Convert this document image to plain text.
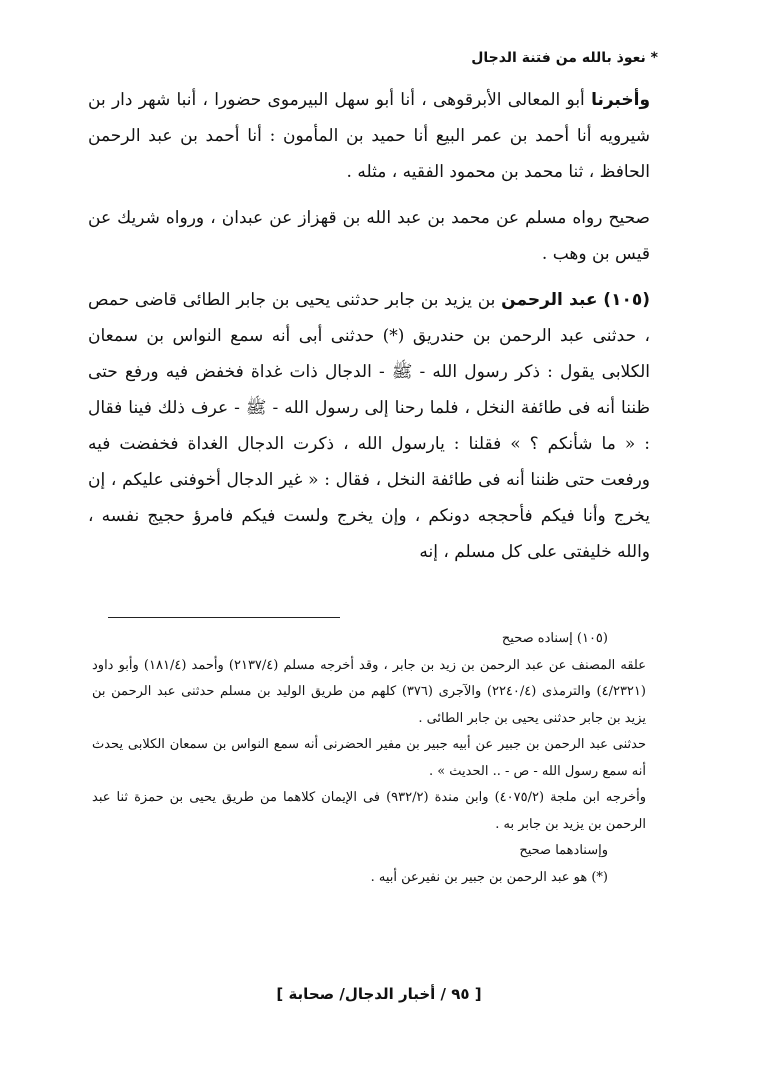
* نعوذ بالله من فتنة الدجال

وأخبرنا أبو المعالى الأبرقوهى ، أنا أبو سهل البيرموى حضورا ، أنبا شهر دار بن شيرويه أنا أحمد بن عمر البيع أنا حميد بن المأمون : أنا أحمد بن عبد الرحمن الحافظ ، ثنا محمد بن محمود الفقيه ، مثله .

صحيح رواه مسلم عن محمد بن عبد الله بن قهزاز عن عبدان ، ورواه شريك عن قيس بن وهب .

(١٠٥) عبد الرحمن بن يزيد بن جابر حدثنى يحيى بن جابر الطائى قاضى حمص ، حدثنى عبد الرحمن بن حندريق (*) حدثنى أبى أنه سمع النواس بن سمعان الكلابى يقول : ذكر رسول الله - ﷺ - الدجال ذات غداة فخفض فيه ورفع حتى ظننا أنه فى طائفة النخل ، فلما رحنا إلى رسول الله - ﷺ - عرف ذلك فينا فقال : « ما شأنكم ؟ » فقلنا : يارسول الله ، ذكرت الدجال الغداة فخفضت فيه ورفعت حتى ظننا أنه فى طائفة النخل ، فقال : « غير الدجال أخوفنى عليكم ، إن يخرج وأنا فيكم فأحججه دونكم ، وإن يخرج ولست فيكم فامرؤ حجيج نفسه ، والله خليفتى على كل مسلم ، إنه

(١٠٥) إسناده صحيح

علقه المصنف عن عبد الرحمن بن زيد بن جابر ، وقد أخرجه مسلم (٢١٣٧/٤) وأحمد (١٨١/٤) وأبو داود (٤/٢٣٢١) والترمذى (٢٢٤٠/٤) والآجرى (٣٧٦) كلهم من طريق الوليد بن مسلم حدثنى عبد الرحمن بن يزيد بن جابر حدثنى يحيى بن جابر الطائى .

حدثنى عبد الرحمن بن جبير عن أبيه جبير بن مفير الحضرنى أنه سمع النواس بن سمعان الكلابى يحدث أنه سمع رسول الله - ص - .. الحديث » .

وأخرجه ابن ملجة (٤٠٧٥/٢) وابن مندة (٩٣٢/٢) فى الإيمان كلاهما من طريق يحيى بن حمزة ثنا عبد الرحمن بن يزيد بن جابر به .

وإسنادهما صحيح

(*) هو عبد الرحمن بن جبير بن نفيرعن أبيه .

[ ٩٥ / أخبار الدجال/ صحابة ]
